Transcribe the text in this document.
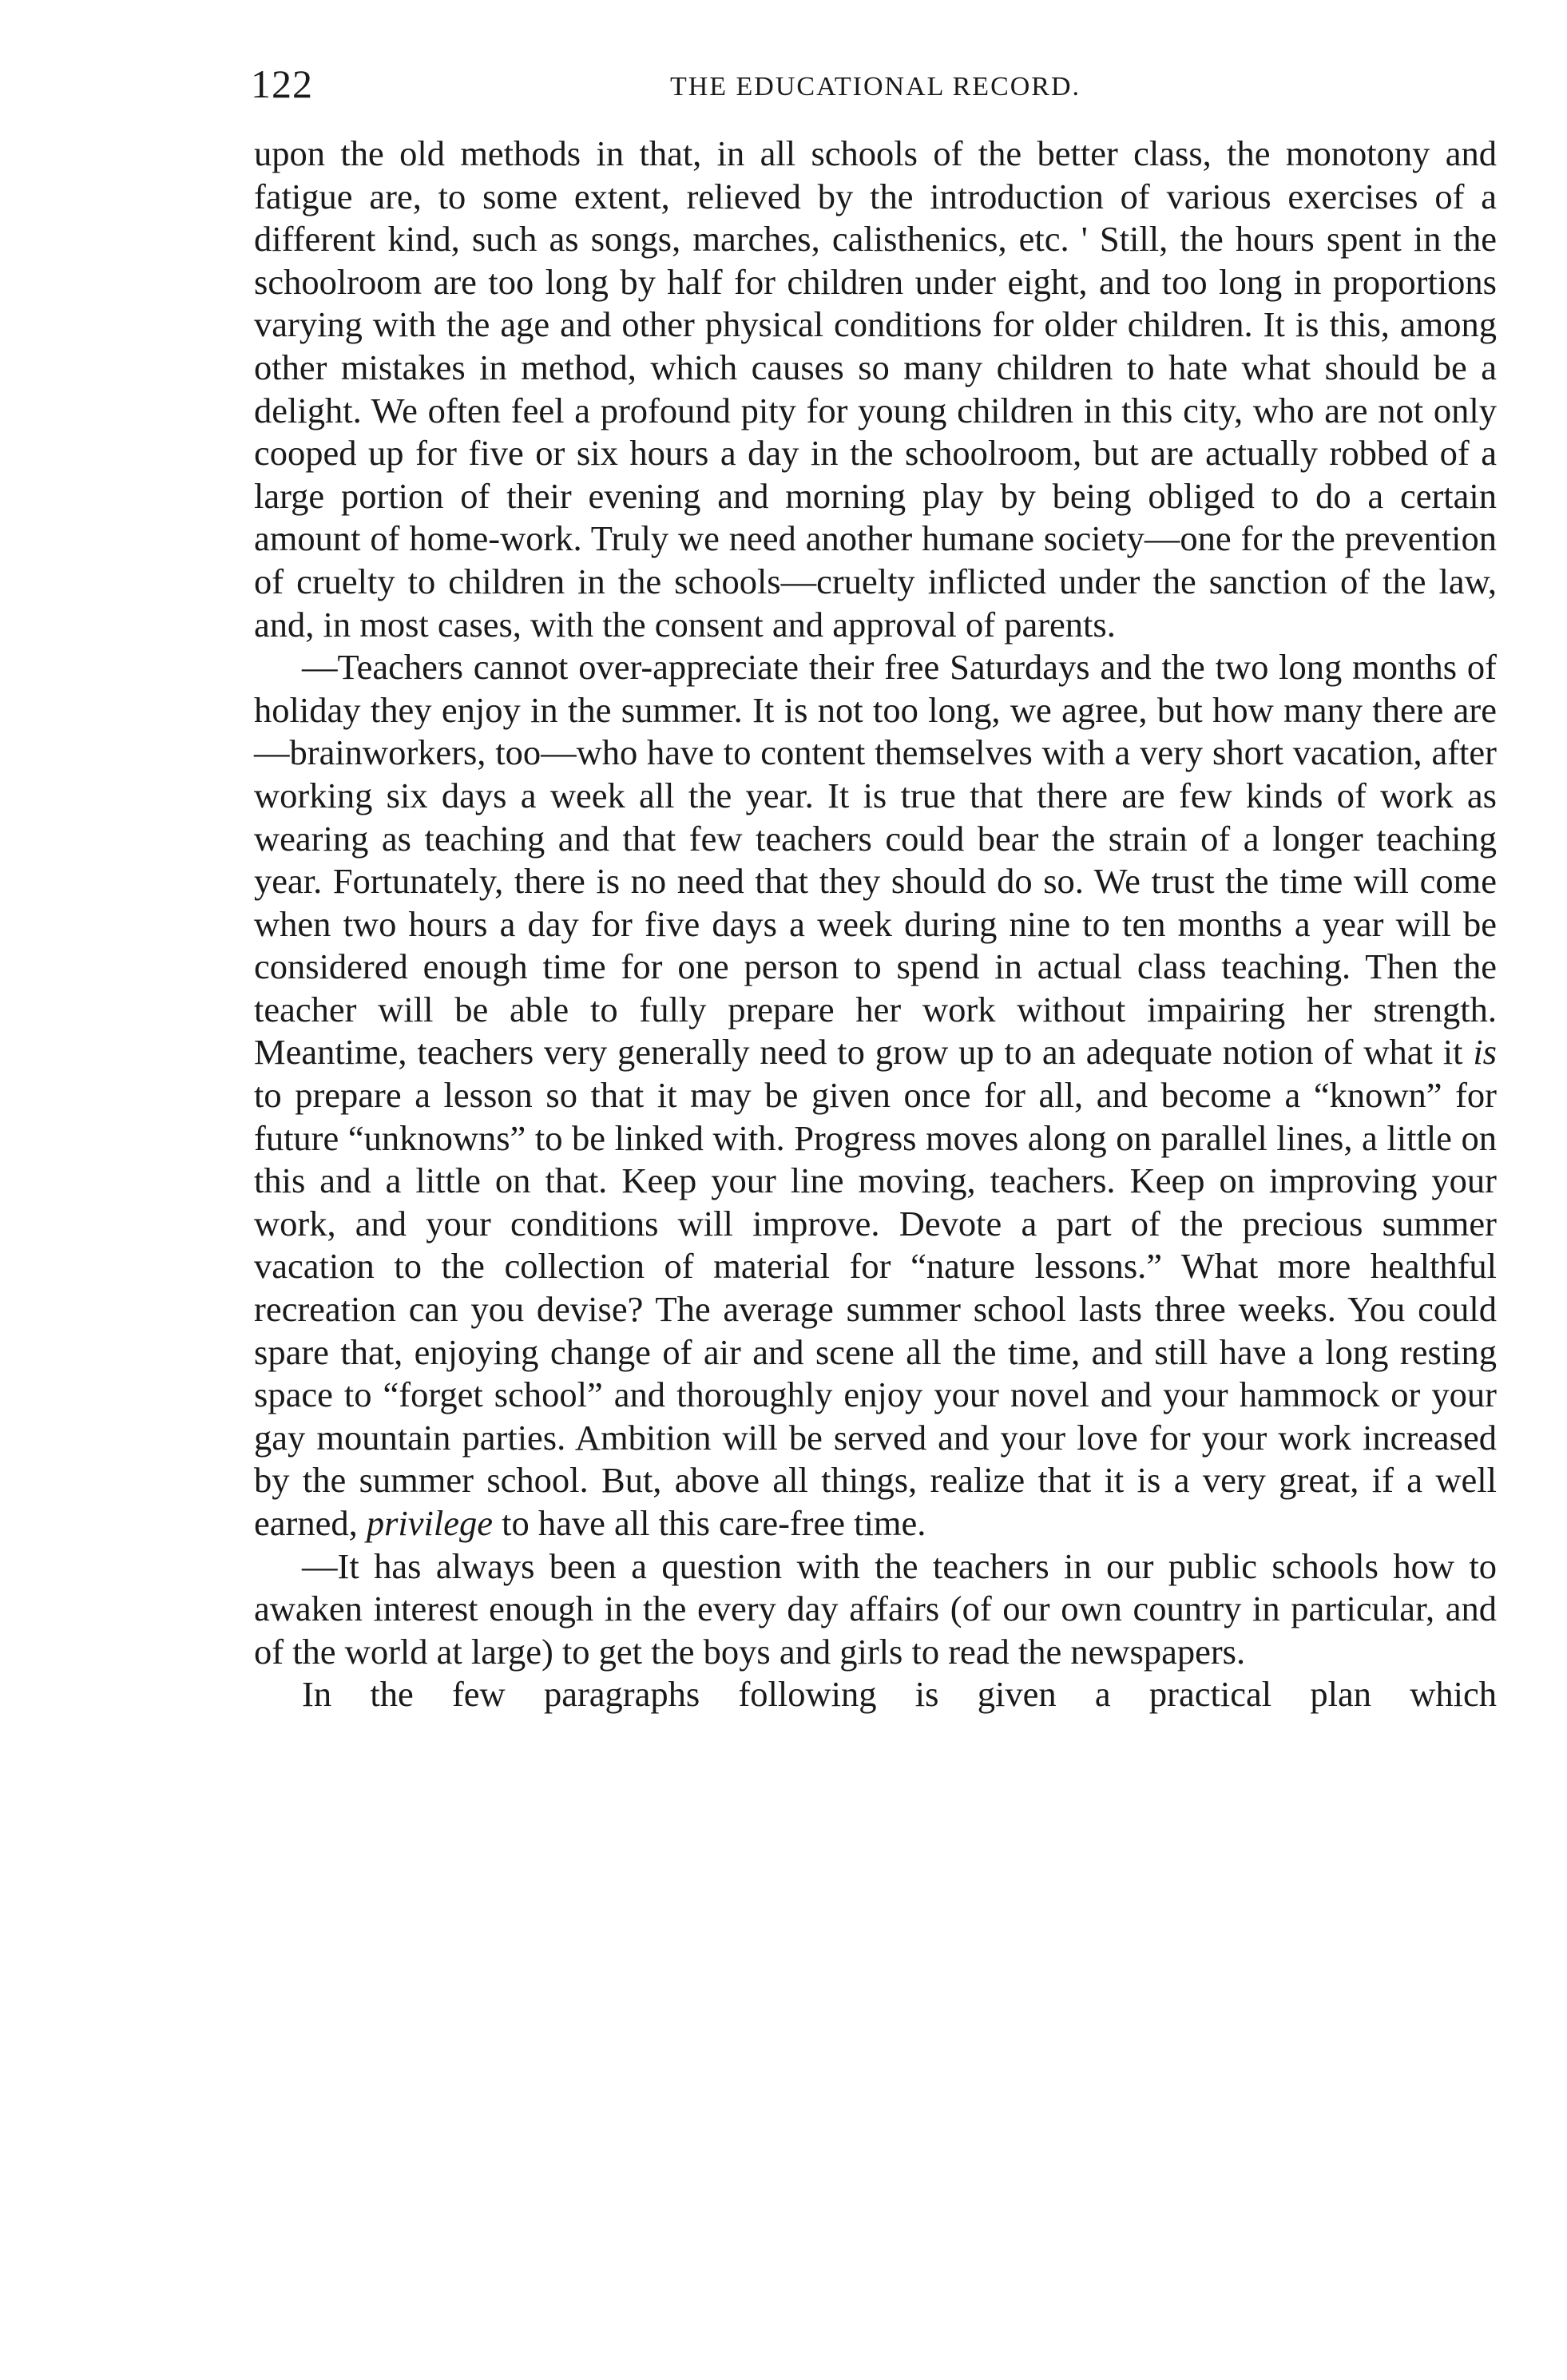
122	THE EDUCATIONAL RECORD.

upon the old methods in that, in all schools of the better class, the monotony and fatigue are, to some extent, relieved by the introduction of various exercises of a different kind, such as songs, marches, calisthenics, etc. ' Still, the hours spent in the schoolroom are too long by half for children under eight, and too long in proportions varying with the age and other physical conditions for older children. It is this, among other mistakes in method, which causes so many children to hate what should be a delight. We often feel a profound pity for young children in this city, who are not only cooped up for five or six hours a day in the schoolroom, but are actually robbed of a large portion of their evening and morning play by being obliged to do a certain amount of home-work. Truly we need another humane society—one for the prevention of cruelty to children in the schools—cruelty inflicted under the sanction of the law, and, in most cases, with the consent and approval of parents.

—Teachers cannot over-appreciate their free Saturdays and the two long months of holiday they enjoy in the summer. It is not too long, we agree, but how many there are—brainworkers, too—who have to content themselves with a very short vacation, after working six days a week all the year. It is true that there are few kinds of work as wearing as teaching and that few teachers could bear the strain of a longer teaching year. Fortunately, there is no need that they should do so. We trust the time will come when two hours a day for five days a week during nine to ten months a year will be considered enough time for one person to spend in actual class teaching. Then the teacher will be able to fully prepare her work without impairing her strength. Meantime, teachers very generally need to grow up to an adequate notion of what it is to prepare a lesson so that it may be given once for all, and become a “known” for future “unknowns” to be linked with. Progress moves along on parallel lines, a little on this and a little on that. Keep your line moving, teachers. Keep on improving your work, and your conditions will improve. Devote a part of the precious summer vacation to the collection of material for “nature lessons.” What more healthful recreation can you devise? The average summer school lasts three weeks. You could spare that, enjoying change of air and scene all the time, and still have a long resting space to “forget school” and thoroughly enjoy your novel and your hammock or your gay mountain parties. Ambition will be served and your love for your work increased by the summer school. But, above all things, realize that it is a very great, if a well earned, privilege to have all this care-free time.

—It has always been a question with the teachers in our public schools how to awaken interest enough in the every day affairs (of our own country in particular, and of the world at large) to get the boys and girls to read the newspapers.

In the few paragraphs following is given a practical plan which
